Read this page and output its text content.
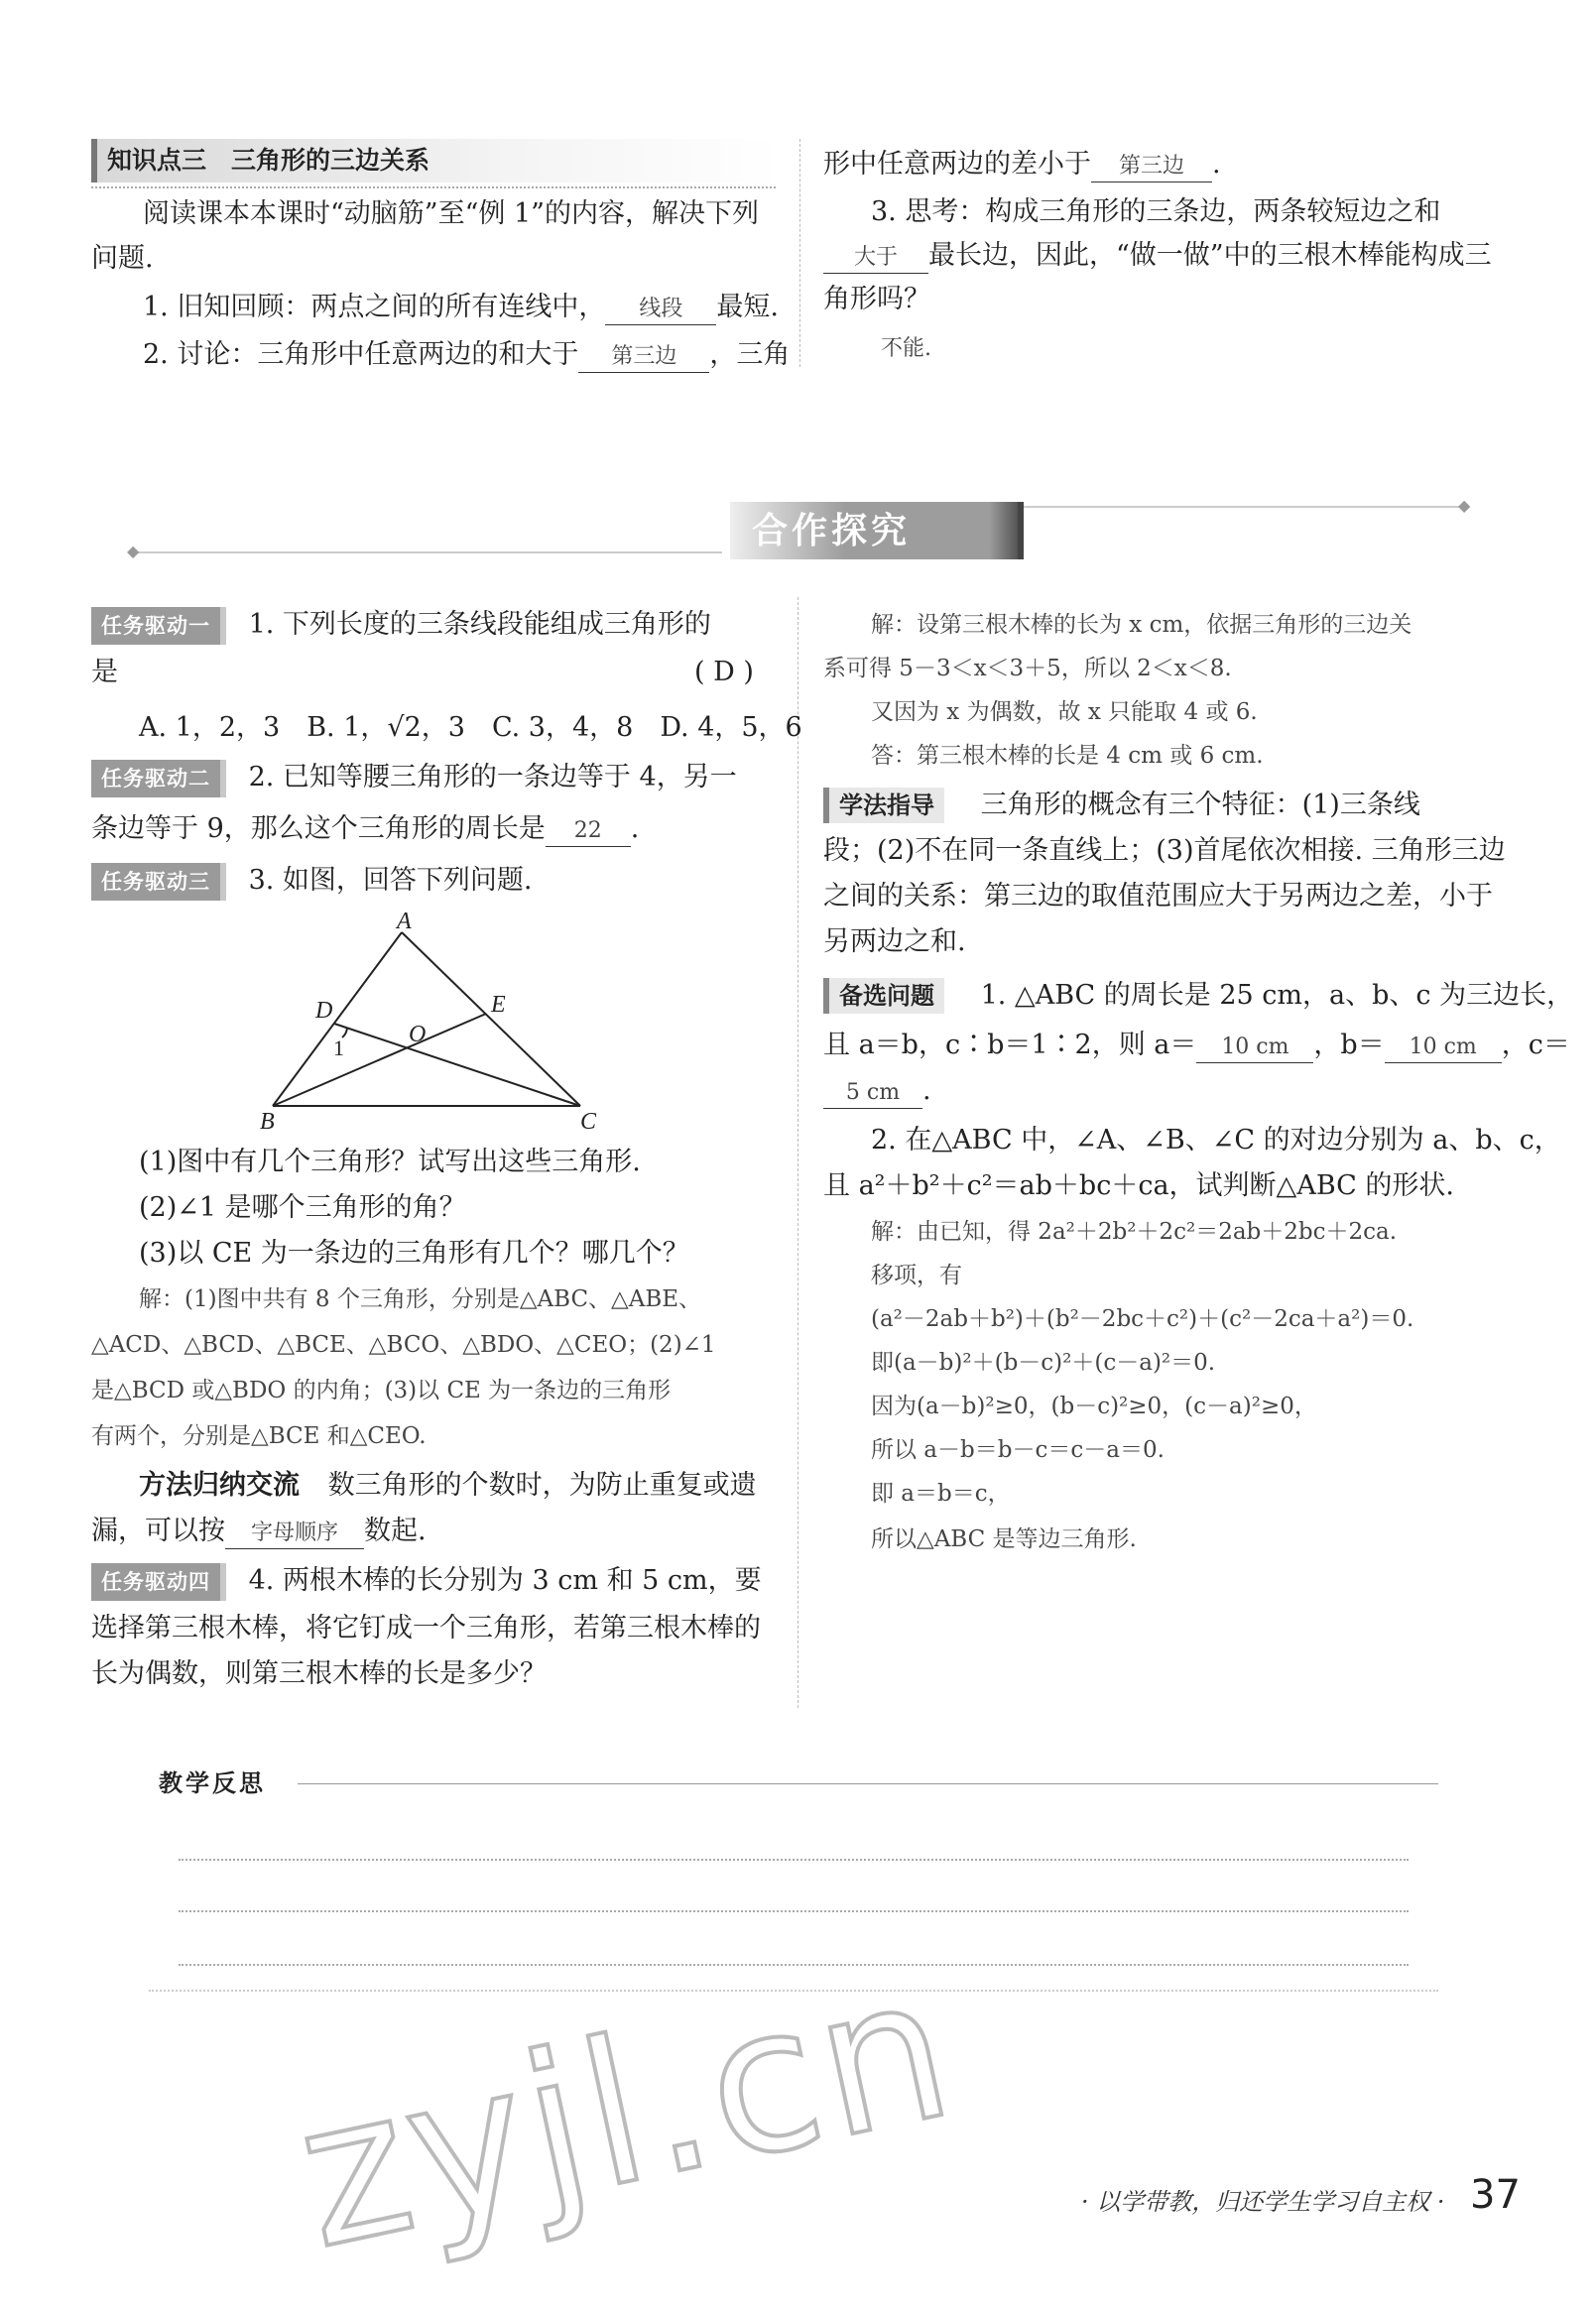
知识点三　三角形的三边关系
阅读课本本课时“动脑筋”至“例 1”的内容，解决下列
问题.
1. 旧知回顾：两点之间的所有连线中， 线段 最短.
2. 讨论：三角形中任意两边的和大于 第三边 ，三角
形中任意两边的差小于 第三边 .
3. 思考：构成三角形的三条边，两条较短边之和
大于 最长边，因此，“做一做”中的三根木棒能构成三
角形吗？
不能.
◆
◆
合作探究
任务驱动一 1. 下列长度的三条线段能组成三角形的
是	( D )
A. 1，2，3　B. 1，√2，3　C. 3，4，8　D. 4，5，6
任务驱动二 2. 已知等腰三角形的一条边等于 4，另一
条边等于 9，那么这个三角形的周长是 22 .
任务驱动三 3. 如图，回答下列问题.
A
B	C
D	E
O
1
(1)图中有几个三角形？试写出这些三角形.
(2)∠1 是哪个三角形的角？
(3)以 CE 为一条边的三角形有几个？哪几个？
解：(1)图中共有 8 个三角形，分别是△ABC、△ABE、
△ACD、△BCD、△BCE、△BCO、△BDO、△CEO；(2)∠1
是△BCD 或△BDO 的内角；(3)以 CE 为一条边的三角形
有两个，分别是△BCE 和△CEO.
方法归纳交流 数三角形的个数时，为防止重复或遗
漏，可以按 字母顺序 数起.
任务驱动四 4. 两根木棒的长分别为 3 cm 和 5 cm，要
选择第三根木棒，将它钉成一个三角形，若第三根木棒的
长为偶数，则第三根木棒的长是多少？
解：设第三根木棒的长为 x cm，依据三角形的三边关
系可得 5－3＜x＜3＋5，所以 2＜x＜8.
又因为 x 为偶数，故 x 只能取 4 或 6.
答：第三根木棒的长是 4 cm 或 6 cm.
学法指导 三角形的概念有三个特征：(1)三条线
段；(2)不在同一条直线上；(3)首尾依次相接. 三角形三边
之间的关系：第三边的取值范围应大于另两边之差，小于
另两边之和.
备选问题 1. △ABC 的周长是 25 cm，a、b、c 为三边长，
且 a＝b，c∶b＝1∶2，则 a＝ 10 cm ，b＝ 10 cm ，c＝
5 cm .
2. 在△ABC 中，∠A、∠B、∠C 的对边分别为 a、b、c，
且 a²＋b²＋c²＝ab＋bc＋ca，试判断△ABC 的形状.
解：由已知，得 2a²＋2b²＋2c²＝2ab＋2bc＋2ca.
移项，有
(a²－2ab＋b²)＋(b²－2bc＋c²)＋(c²－2ca＋a²)＝0.
即(a－b)²＋(b－c)²＋(c－a)²＝0.
因为(a－b)²≥0，(b－c)²≥0，(c－a)²≥0，
所以 a－b＝b－c＝c－a＝0.
即 a＝b＝c，
所以△ABC 是等边三角形.
教学反思
zyjl.cn	· 以学带教，归还学生学习自主权 · 37
